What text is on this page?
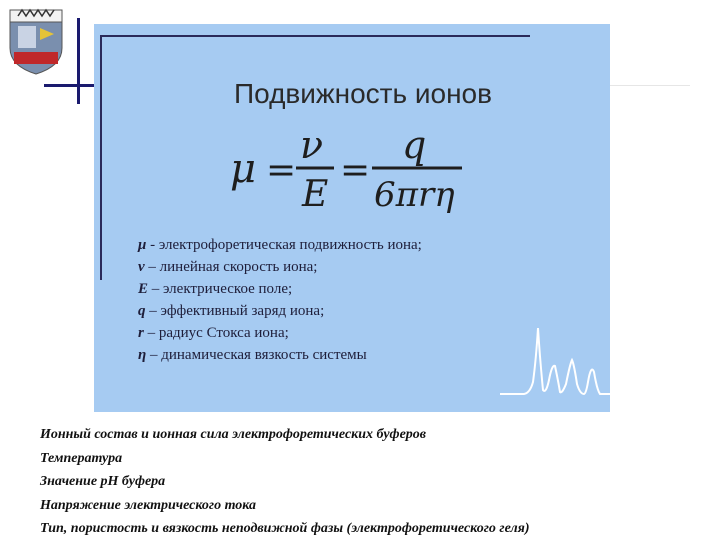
Подвижность ионов
μ =
ν
E
=
q
6πrη
μ - электрофоретическая подвижность иона;
ν – линейная скорость иона;
E – электрическое поле;
q – эффективный заряд иона;
r – радиус Стокса иона;
η – динамическая вязкость системы
Ионный состав и ионная сила электрофоретических буферов
Температура
Значение pH буфера
Напряжение электрического тока
Тип, пористость и вязкость неподвижной фазы (электрофоретического геля)
